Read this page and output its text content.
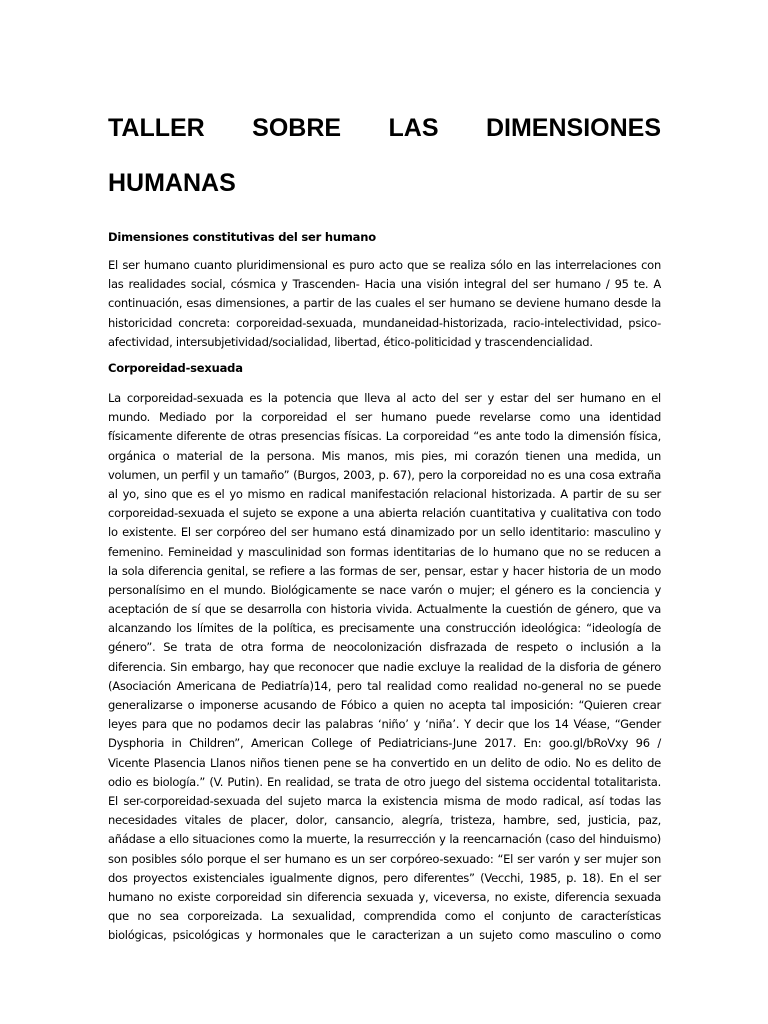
TALLER SOBRE LAS DIMENSIONES
HUMANAS
Dimensiones constitutivas del ser humano
El ser humano cuanto pluridimensional es puro acto que se realiza sólo en las interrelaciones con
las realidades social, cósmica y Trascenden- Hacia una visión integral del ser humano / 95 te. A
continuación, esas dimensiones, a partir de las cuales el ser humano se deviene humano desde la
historicidad concreta: corporeidad-sexuada, mundaneidad-historizada, racio-intelectividad, psico-
afectividad, intersubjetividad/socialidad, libertad, ético-politicidad y trascendencialidad.
Corporeidad-sexuada
La corporeidad-sexuada es la potencia que lleva al acto del ser y estar del ser humano en el
mundo. Mediado por la corporeidad el ser humano puede revelarse como una identidad
físicamente diferente de otras presencias físicas. La corporeidad “es ante todo la dimensión física,
orgánica o material de la persona. Mis manos, mis pies, mi corazón tienen una medida, un
volumen, un perfil y un tamaño” (Burgos, 2003, p. 67), pero la corporeidad no es una cosa extraña
al yo, sino que es el yo mismo en radical manifestación relacional historizada. A partir de su ser
corporeidad-sexuada el sujeto se expone a una abierta relación cuantitativa y cualitativa con todo
lo existente. El ser corpóreo del ser humano está dinamizado por un sello identitario: masculino y
femenino. Femineidad y masculinidad son formas identitarias de lo humano que no se reducen a
la sola diferencia genital, se refiere a las formas de ser, pensar, estar y hacer historia de un modo
personalísimo en el mundo. Biológicamente se nace varón o mujer; el género es la conciencia y
aceptación de sí que se desarrolla con historia vivida. Actualmente la cuestión de género, que va
alcanzando los límites de la política, es precisamente una construcción ideológica: “ideología de
género”. Se trata de otra forma de neocolonización disfrazada de respeto o inclusión a la
diferencia. Sin embargo, hay que reconocer que nadie excluye la realidad de la disforia de género
(Asociación Americana de Pediatría)14, pero tal realidad como realidad no-general no se puede
generalizarse o imponerse acusando de Fóbico a quien no acepta tal imposición: “Quieren crear
leyes para que no podamos decir las palabras ‘niño’ y ‘niña’. Y decir que los 14 Véase, “Gender
Dysphoria in Children”, American College of Pediatricians-June 2017. En: goo.gl/bRoVxy 96 /
Vicente Plasencia Llanos niños tienen pene se ha convertido en un delito de odio. No es delito de
odio es biología.” (V. Putin). En realidad, se trata de otro juego del sistema occidental totalitarista.
El ser-corporeidad-sexuada del sujeto marca la existencia misma de modo radical, así todas las
necesidades vitales de placer, dolor, cansancio, alegría, tristeza, hambre, sed, justicia, paz,
añádase a ello situaciones como la muerte, la resurrección y la reencarnación (caso del hinduismo)
son posibles sólo porque el ser humano es un ser corpóreo-sexuado: “El ser varón y ser mujer son
dos proyectos existenciales igualmente dignos, pero diferentes” (Vecchi, 1985, p. 18). En el ser
humano no existe corporeidad sin diferencia sexuada y, viceversa, no existe, diferencia sexuada
que no sea corporeizada. La sexualidad, comprendida como el conjunto de características
biológicas, psicológicas y hormonales que le caracterizan a un sujeto como masculino o como
